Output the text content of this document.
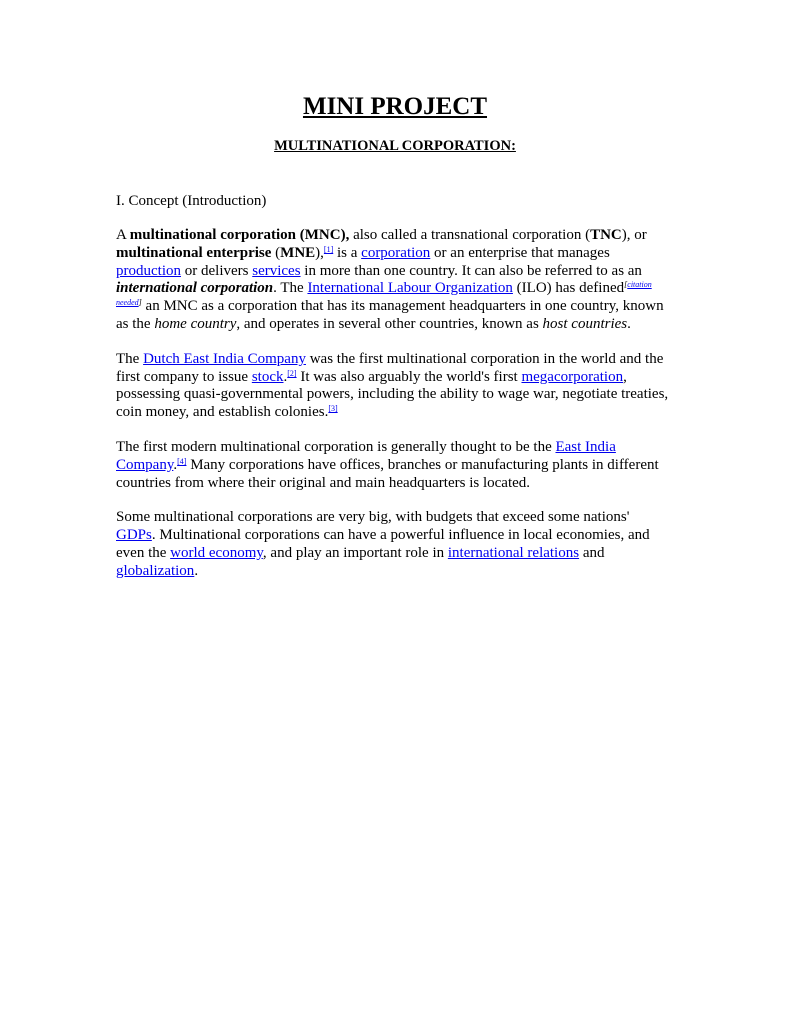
MINI PROJECT
MULTINATIONAL CORPORATION:
I. Concept (Introduction)

A multinational corporation (MNC), also called a transnational corporation (TNC), or multinational enterprise (MNE),[1] is a corporation or an enterprise that manages production or delivers services in more than one country. It can also be referred to as an international corporation. The International Labour Organization (ILO) has defined[citation needed] an MNC as a corporation that has its management headquarters in one country, known as the home country, and operates in several other countries, known as host countries.

The Dutch East India Company was the first multinational corporation in the world and the first company to issue stock.[2] It was also arguably the world's first megacorporation, possessing quasi-governmental powers, including the ability to wage war, negotiate treaties, coin money, and establish colonies.[3]

The first modern multinational corporation is generally thought to be the East India Company.[4] Many corporations have offices, branches or manufacturing plants in different countries from where their original and main headquarters is located.

Some multinational corporations are very big, with budgets that exceed some nations' GDPs. Multinational corporations can have a powerful influence in local economies, and even the world economy, and play an important role in international relations and globalization.
